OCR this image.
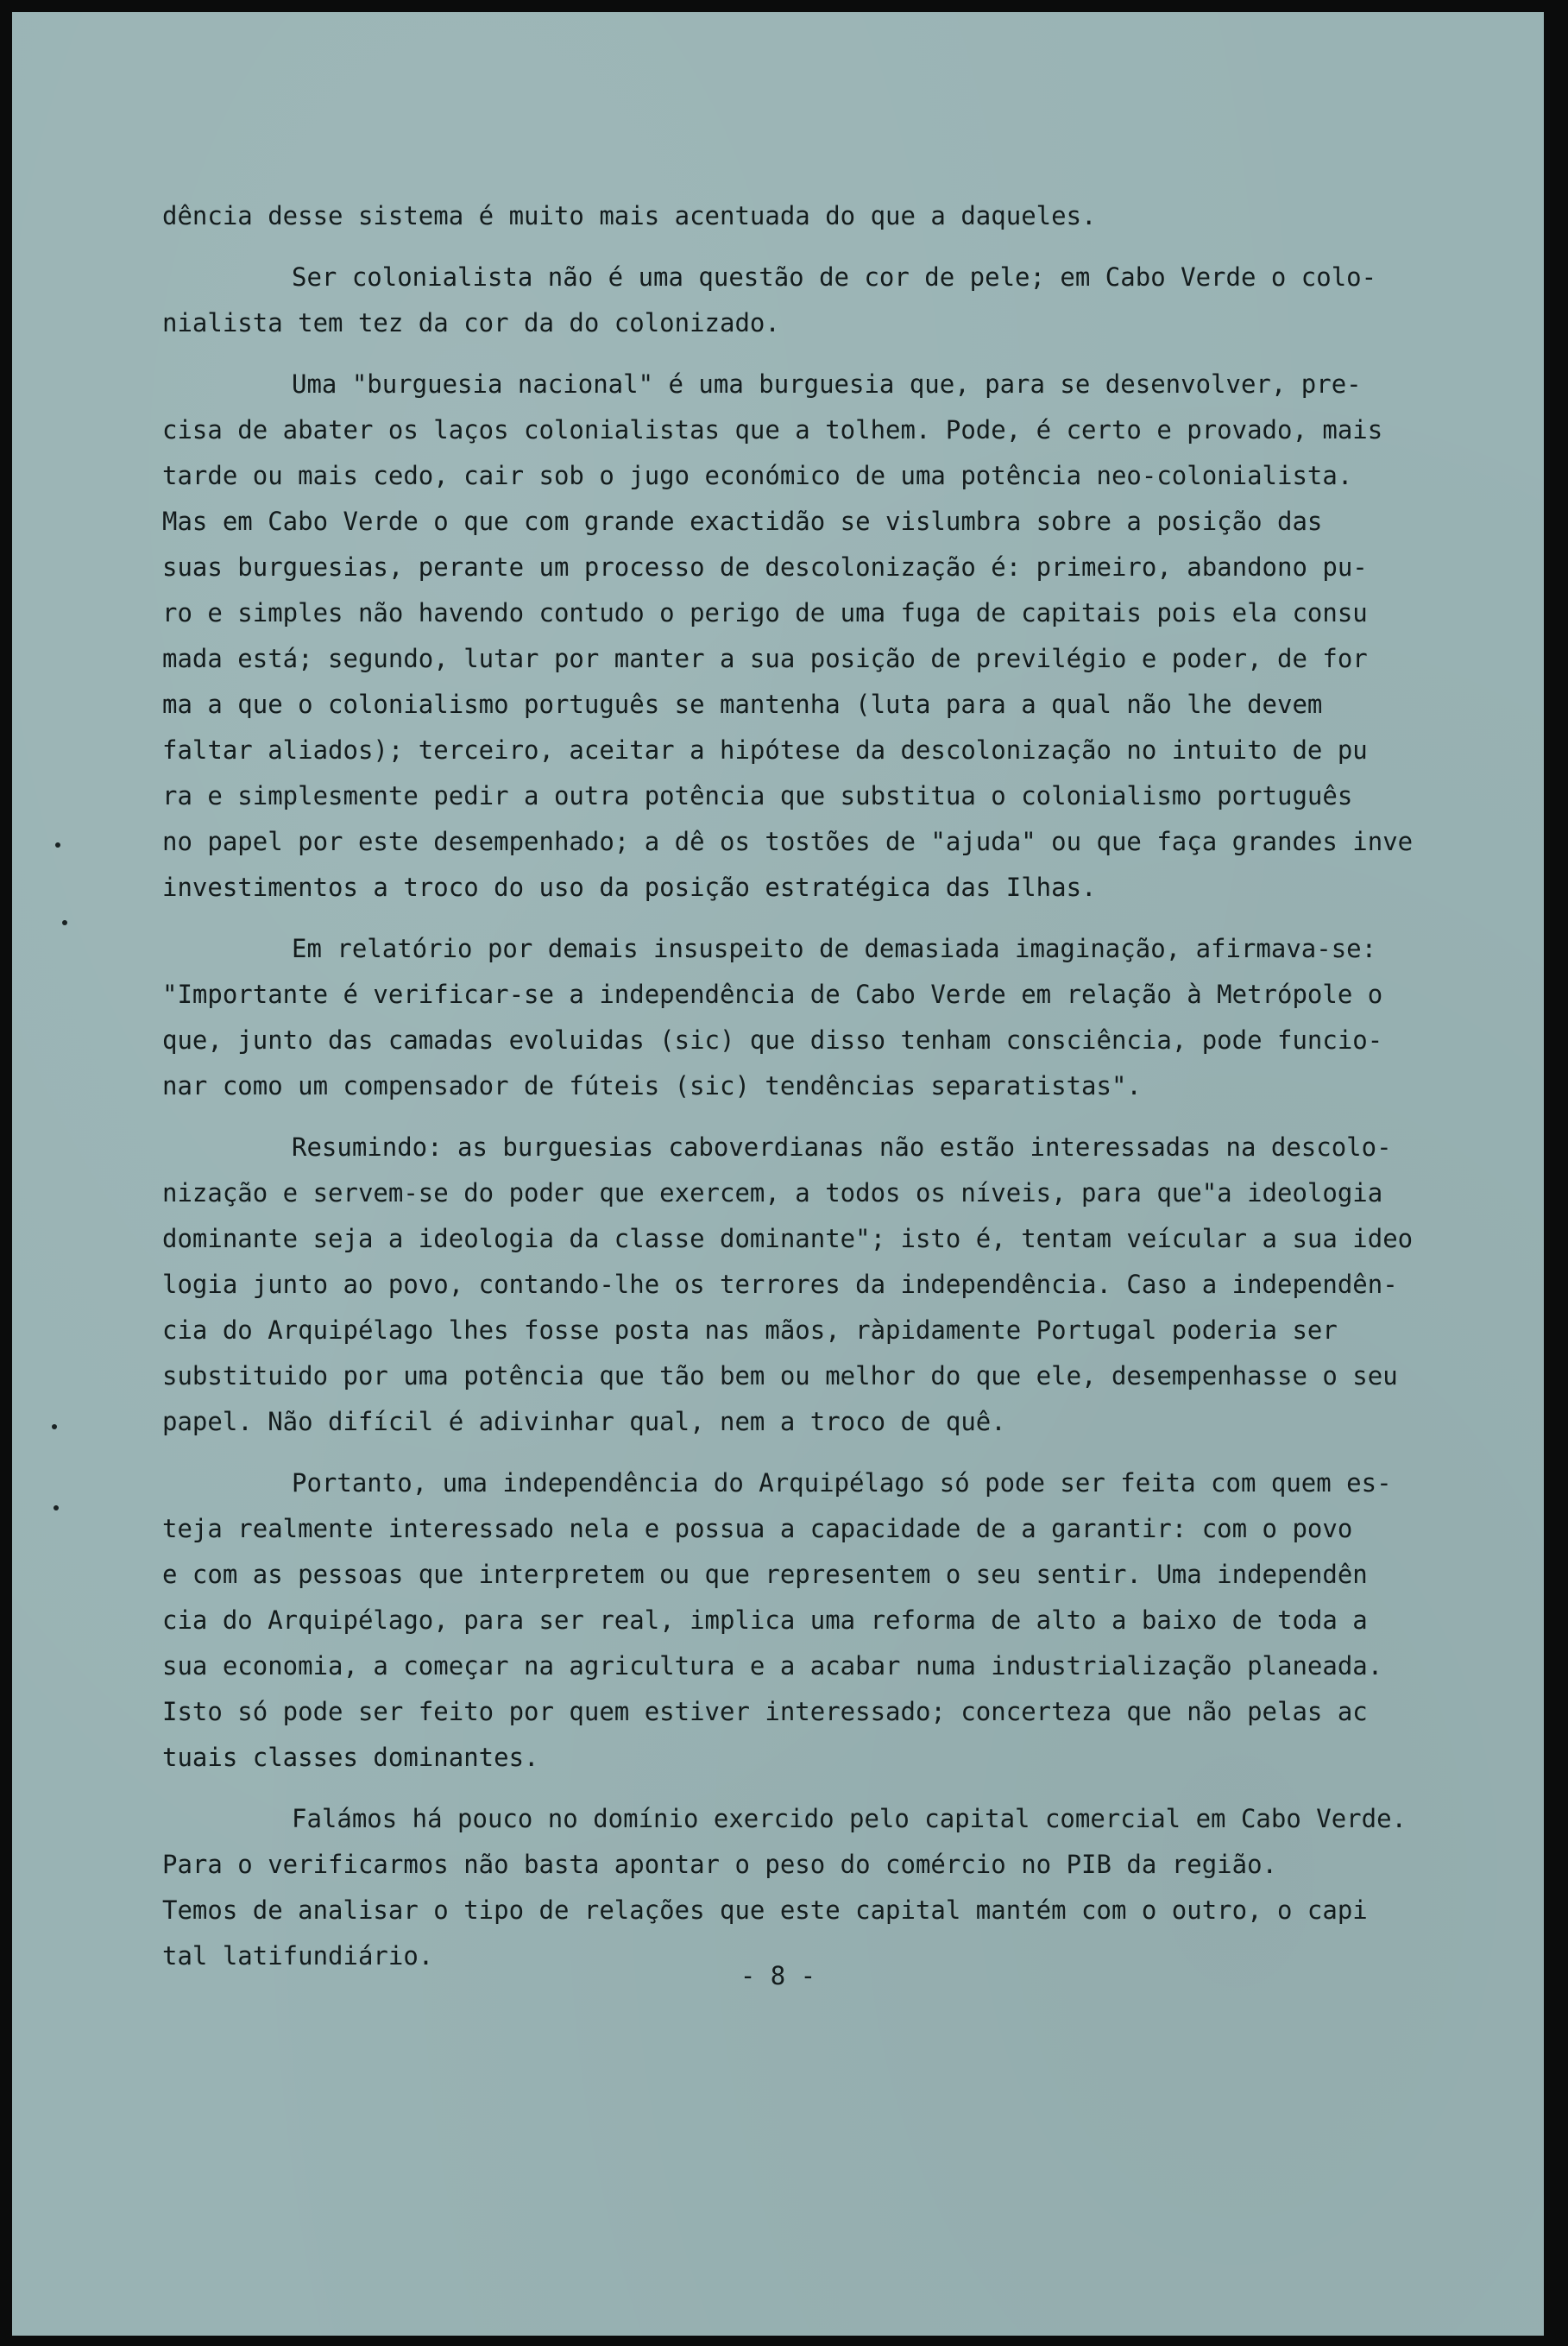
dência desse sistema é muito mais acentuada do que a daqueles.
Ser colonialista não é uma questão de cor de pele; em Cabo Verde o colo-
nialista tem tez da cor da do colonizado.
Uma "burguesia nacional" é uma burguesia que, para se desenvolver, pre-
cisa de abater os laços colonialistas que a tolhem. Pode, é certo e provado, mais
tarde ou mais cedo, cair sob o jugo económico de uma potência neo-colonialista.
Mas em Cabo Verde o que com grande exactidão se vislumbra sobre a posição das
suas burguesias, perante um processo de descolonização é: primeiro, abandono pu-
ro e simples não havendo contudo o perigo de uma fuga de capitais pois ela consu
mada está; segundo, lutar por manter a sua posição de previlégio e poder, de for
ma a que o colonialismo português se mantenha (luta para a qual não lhe devem
faltar aliados); terceiro, aceitar a hipótese da descolonização no intuito de pu
ra e simplesmente pedir a outra potência que substitua o colonialismo português
no papel por este desempenhado; a dê os tostões de "ajuda" ou que faça grandes inve
investimentos a troco do uso da posição estratégica das Ilhas.
Em relatório por demais insuspeito de demasiada imaginação, afirmava-se:
"Importante é verificar-se a independência de Cabo Verde em relação à Metrópole o
que, junto das camadas evoluidas (sic) que disso tenham consciência, pode funcio-
nar como um compensador de fúteis (sic) tendências separatistas".
Resumindo: as burguesias caboverdianas não estão interessadas na descolo-
nização e servem-se do poder que exercem, a todos os níveis, para que"a ideologia
dominante seja a ideologia da classe dominante"; isto é, tentam veícular a sua ideo
logia junto ao povo, contando-lhe os terrores da independência. Caso a independên-
cia do Arquipélago lhes fosse posta nas mãos, ràpidamente Portugal poderia ser
substituido por uma potência que tão bem ou melhor do que ele, desempenhasse o seu
papel. Não difícil é adivinhar qual, nem a troco de quê.
Portanto, uma independência do Arquipélago só pode ser feita com quem es-
teja realmente interessado nela e possua a capacidade de a garantir: com o povo
e com as pessoas que interpretem ou que representem o seu sentir. Uma independên
cia do Arquipélago, para ser real, implica uma reforma de alto a baixo de toda a
sua economia, a começar na agricultura e a acabar numa industrialização planeada.
Isto só pode ser feito por quem estiver interessado; concerteza que não pelas ac
tuais classes dominantes.
Falámos há pouco no domínio exercido pelo capital comercial em Cabo Verde.
Para o verificarmos não basta apontar o peso do comércio no PIB da região.
Temos de analisar o tipo de relações que este capital mantém com o outro, o capi
tal latifundiário.
- 8 -
